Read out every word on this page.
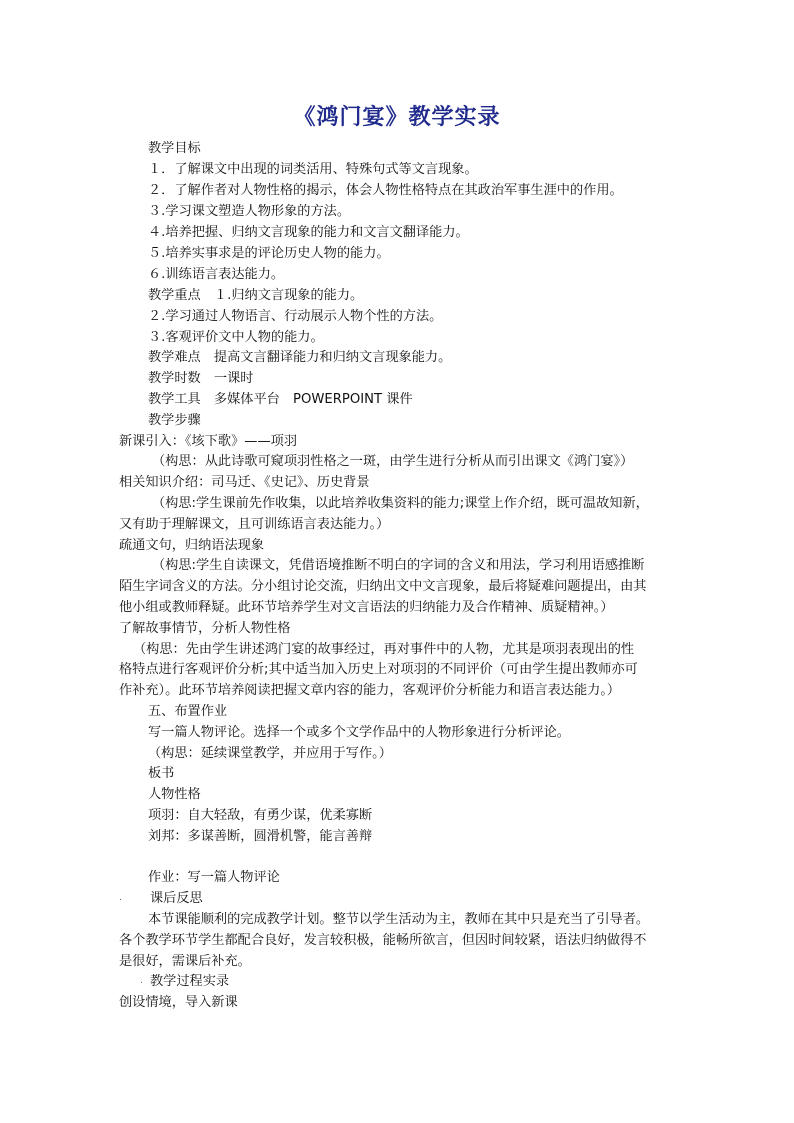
《鸿门宴》教学实录
教学目标
１．了解课文中出现的词类活用、特殊句式等文言现象。
２．了解作者对人物性格的揭示，体会人物性格特点在其政治军事生涯中的作用。
３.学习课文塑造人物形象的方法。
４.培养把握、归纳文言现象的能力和文言文翻译能力。
５.培养实事求是的评论历史人物的能力。
６.训练语言表达能力。
教学重点　１.归纳文言现象的能力。
２.学习通过人物语言、行动展示人物个性的方法。
３.客观评价文中人物的能力。
教学难点　提高文言翻译能力和归纳文言现象能力。
教学时数　一课时
教学工具　多媒体平台　POWERPOINT 课件
教学步骤
新课引入：《垓下歌》——项羽
（构思：从此诗歌可窥项羽性格之一斑，由学生进行分析从而引出课文《鸿门宴》）
相关知识介绍：司马迁、《史记》、历史背景
（构思:学生课前先作收集，以此培养收集资料的能力;课堂上作介绍，既可温故知新，
又有助于理解课文，且可训练语言表达能力。）
疏通文句，归纳语法现象
（构思:学生自读课文，凭借语境推断不明白的字词的含义和用法，学习利用语感推断
陌生字词含义的方法。分小组讨论交流，归纳出文中文言现象，最后将疑难问题提出，由其
他小组或教师释疑。此环节培养学生对文言语法的归纳能力及合作精神、质疑精神。）
了解故事情节，分析人物性格
（构思：先由学生讲述鸿门宴的故事经过，再对事件中的人物，尤其是项羽表现出的性
格特点进行客观评价分析;其中适当加入历史上对项羽的不同评价（可由学生提出教师亦可
作补充）。此环节培养阅读把握文章内容的能力，客观评价分析能力和语言表达能力。）
五、布置作业
写一篇人物评论。选择一个或多个文学作品中的人物形象进行分析评论。
（构思：延续课堂教学，并应用于写作。）
板书
人物性格
项羽：自大轻敌，有勇少谋，优柔寡断
刘邦：多谋善断，圆滑机警，能言善辩
作业：写一篇人物评论
. 课后反思
本节课能顺利的完成教学计划。整节以学生活动为主，教师在其中只是充当了引导者。
各个教学环节学生都配合良好，发言较积极，能畅所欲言，但因时间较紧，语法归纳做得不
是很好，需课后补充。
. 教学过程实录
创设情境，导入新课
